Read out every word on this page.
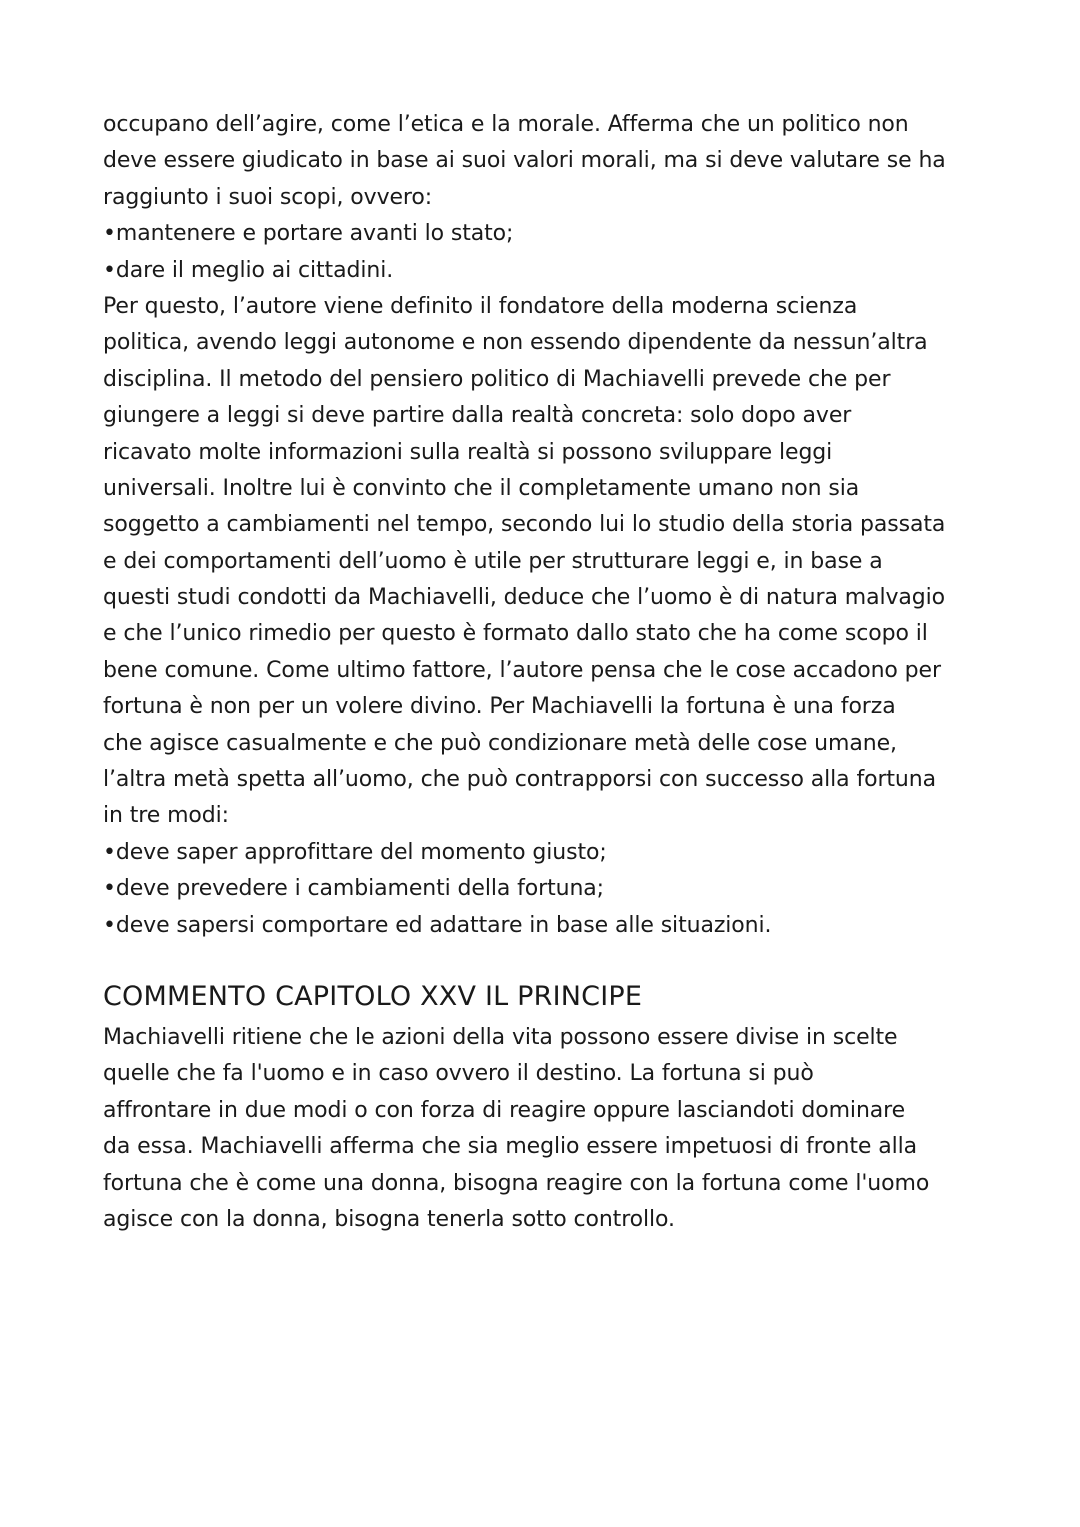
occupano dell’agire, come l’etica e la morale. Afferma che un politico non
deve essere giudicato in base ai suoi valori morali, ma si deve valutare se ha
raggiunto i suoi scopi, ovvero:
•mantenere e portare avanti lo stato;
•dare il meglio ai cittadini.
Per questo, l’autore viene definito il fondatore della moderna scienza
politica, avendo leggi autonome e non essendo dipendente da nessun’altra
disciplina. Il metodo del pensiero politico di Machiavelli prevede che per
giungere a leggi si deve partire dalla realtà concreta: solo dopo aver
ricavato molte informazioni sulla realtà si possono sviluppare leggi
universali. Inoltre lui è convinto che il completamente umano non sia
soggetto a cambiamenti nel tempo, secondo lui lo studio della storia passata
e dei comportamenti dell’uomo è utile per strutturare leggi e, in base a
questi studi condotti da Machiavelli, deduce che l’uomo è di natura malvagio
e che l’unico rimedio per questo è formato dallo stato che ha come scopo il
bene comune. Come ultimo fattore, l’autore pensa che le cose accadono per
fortuna è non per un volere divino. Per Machiavelli la fortuna è una forza
che agisce casualmente e che può condizionare metà delle cose umane,
l’altra metà spetta all’uomo, che può contrapporsi con successo alla fortuna
in tre modi:
•deve saper approfittare del momento giusto;
•deve prevedere i cambiamenti della fortuna;
•deve sapersi comportare ed adattare in base alle situazioni.
COMMENTO CAPITOLO XXV IL PRINCIPE
Machiavelli ritiene che le azioni della vita possono essere divise in scelte
quelle che fa l'uomo e in caso ovvero il destino. La fortuna si può
affrontare in due modi o con forza di reagire oppure lasciandoti dominare
da essa. Machiavelli afferma che sia meglio essere impetuosi di fronte alla
fortuna che è come una donna, bisogna reagire con la fortuna come l'uomo
agisce con la donna, bisogna tenerla sotto controllo.
